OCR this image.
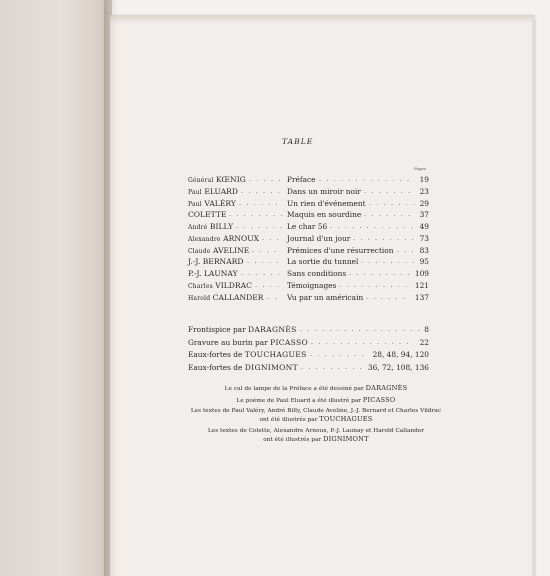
TABLE
Pages
Général KŒNIG . . . . . Préface . . . . . . . . . . . . .	19
Paul ELUARD . . . . . . Dans un miroir noir . . . . . . .	23
Paul VALÉRY . . . . . .	Un rien d'événement . . . . . . . 29
COLETTE . . . . . . . . Maquis en sourdine . . . . . . .	37
André BILLY . . . . . . . Le char 56 . . . . . . . . . . . . 49
Alexandre ARNOUX . . . Journal d'un jour . . . . . . . . . 73
Claude AVELINE . . . .	Prémices d'une résurrection . . . 83
J.-J. BERNARD . . . . . La sortie du tunnel . . . . . . . . 95
P.-J. LAUNAY . . . . . . Sans conditions . . . . . . . . . 109
Charles VILDRAC . . . . Témoignages . . . . . . . . . . 121
Harold CALLANDER . .	Vu par un américain . . . . . .	137
Frontispice par DARAGNÈS . . . . . . . . . . . . . . . . . 8
Gravure au burin par PICASSO . . . . . . . . . . . . . .	22
Eaux-fortes de TOUCHAGUES . . . . . . . .	28, 48, 94, 120
Eaux-fortes de DIGNIMONT . . . . . . . . . 36, 72, 108, 136
Le cul de lampe de la Préface a été dessiné par DARAGNÈS
Le poème de Paul Eluard a été illustré par PICASSO
Les textes de Paul Valéry, André Billy, Claude Aveline, J.-J. Bernard et Charles Vildrac
ont été illustrés par TOUCHAGUES
Les textes de Colette, Alexandre Arnoux, P.-J. Launay et Harold Callander
ont été illustrés par DIGNIMONT
